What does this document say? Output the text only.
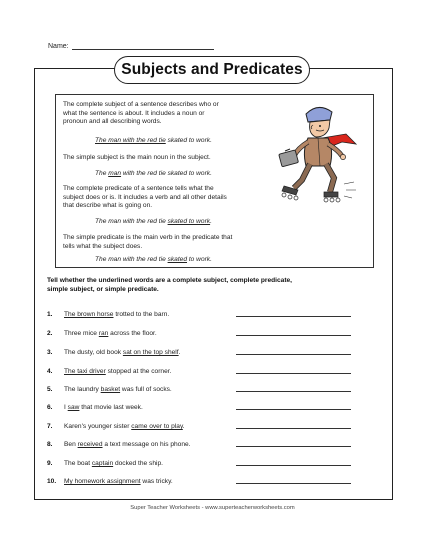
Name:
Subjects and Predicates
The complete subject of a sentence describes who or
what the sentence is about. It includes a noun or
pronoun and all describing words.
The man with the red tie skated to work.
The simple subject is the main noun in the subject.
The man with the red tie skated to work.
The complete predicate of a sentence tells what the
subject does or is. It includes a verb and all other details
that describe what is going on.
The man with the red tie skated to work.
The simple predicate is the main verb in the predicate that
tells what the subject does.
The man with the red tie skated to work.
Tell whether the underlined words are a complete subject, complete predicate,
simple subject, or simple predicate.
1.	The brown horse trotted to the barn.
2.	Three mice ran across the floor.
3.	The dusty, old book sat on the top shelf.
4.	The taxi driver stopped at the corner.
5.	The laundry basket was full of socks.
6.	I saw that movie last week.
7.	Karen's younger sister came over to play.
8.	Ben received a text message on his phone.
9.	The boat captain docked the ship.
10.	My homework assignment was tricky.
Super Teacher Worksheets - www.superteacherworksheets.com
